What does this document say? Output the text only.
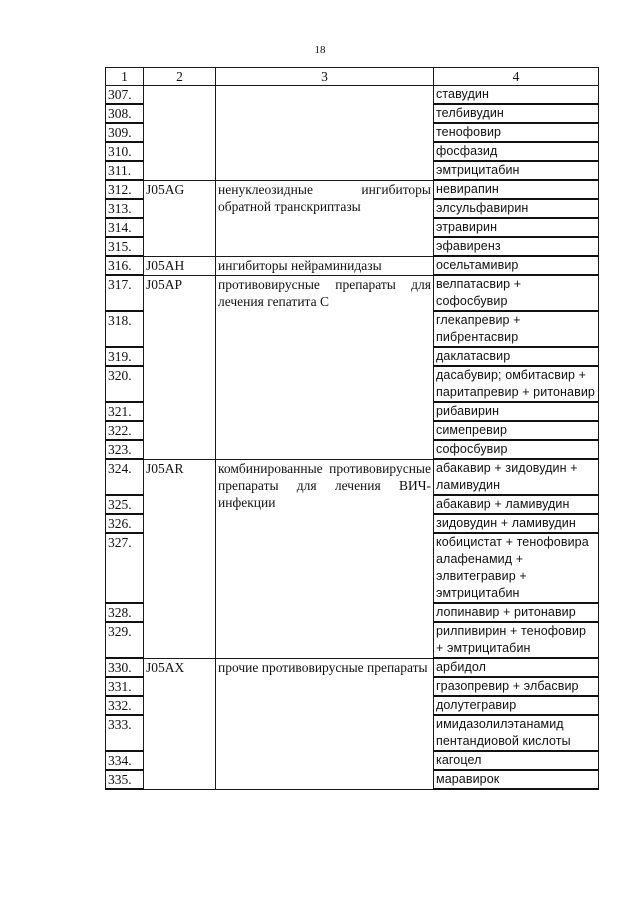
18
1	2	3	4
307.			ставудин
308.			телбивудин
309.			тенофовир
310.			фосфазид
311.			эмтрицитабин
312.	J05AG	ненуклеозидные ингибиторы обратной транскриптазы	невирапин
313.			элсульфавирин
314.			этравирин
315.			эфавиренз
316.	J05AH	ингибиторы нейраминидазы	осельтамивир
317.	J05AP	противовирусные препараты для лечения гепатита С	велпатасвир + софосбувир
318.			глекапревир + пибрентасвир
319.			даклатасвир
320.			дасабувир; омбитасвир + паритапревир + ритонавир
321.			рибавирин
322.			симепревир
323.			софосбувир
324.	J05AR	комбинированные противовирусные препараты для лечения ВИЧ-инфекции	абакавир + зидовудин + ламивудин
325.			абакавир + ламивудин
326.			зидовудин + ламивудин
327.			кобицистат + тенофовира алафенамид + элвитегравир + эмтрицитабин
328.			лопинавир + ритонавир
329.			рилпивирин + тенофовир + эмтрицитабин
330.	J05AX	прочие противовирусные препараты	арбидол
331.			гразопревир + элбасвир
332.			долутегравир
333.			имидазолилэтанамид пентандиовой кислоты
334.			кагоцел
335.			маравирок
